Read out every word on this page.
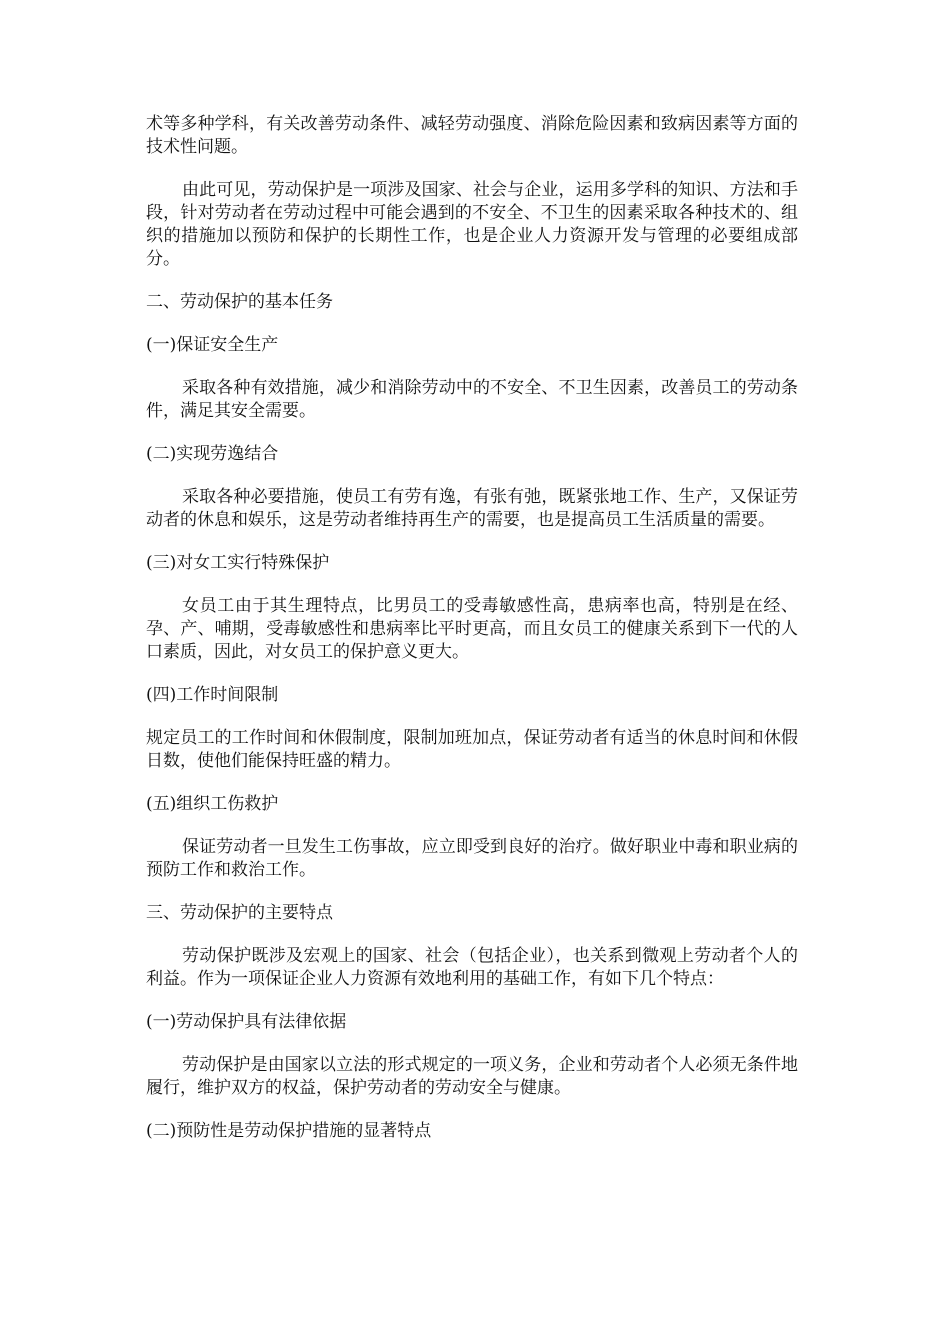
术等多种学科，有关改善劳动条件、减轻劳动强度、消除危险因素和致病因素等方面的技术性问题。

由此可见，劳动保护是一项涉及国家、社会与企业，运用多学科的知识、方法和手段，针对劳动者在劳动过程中可能会遇到的不安全、不卫生的因素采取各种技术的、组织的措施加以预防和保护的长期性工作，也是企业人力资源开发与管理的必要组成部分。

二、劳动保护的基本任务

(一)保证安全生产

采取各种有效措施，减少和消除劳动中的不安全、不卫生因素，改善员工的劳动条件，满足其安全需要。

(二)实现劳逸结合

采取各种必要措施，使员工有劳有逸，有张有弛，既紧张地工作、生产，又保证劳动者的休息和娱乐，这是劳动者维持再生产的需要，也是提高员工生活质量的需要。

(三)对女工实行特殊保护

女员工由于其生理特点，比男员工的受毒敏感性高，患病率也高，特别是在经、孕、产、哺期，受毒敏感性和患病率比平时更高，而且女员工的健康关系到下一代的人口素质，因此，对女员工的保护意义更大。

(四)工作时间限制

规定员工的工作时间和休假制度，限制加班加点，保证劳动者有适当的休息时间和休假日数，使他们能保持旺盛的精力。

(五)组织工伤救护

保证劳动者一旦发生工伤事故，应立即受到良好的治疗。做好职业中毒和职业病的预防工作和救治工作。

三、劳动保护的主要特点

劳动保护既涉及宏观上的国家、社会（包括企业），也关系到微观上劳动者个人的利益。作为一项保证企业人力资源有效地利用的基础工作，有如下几个特点：

(一)劳动保护具有法律依据

劳动保护是由国家以立法的形式规定的一项义务，企业和劳动者个人必须无条件地履行，维护双方的权益，保护劳动者的劳动安全与健康。

(二)预防性是劳动保护措施的显著特点
